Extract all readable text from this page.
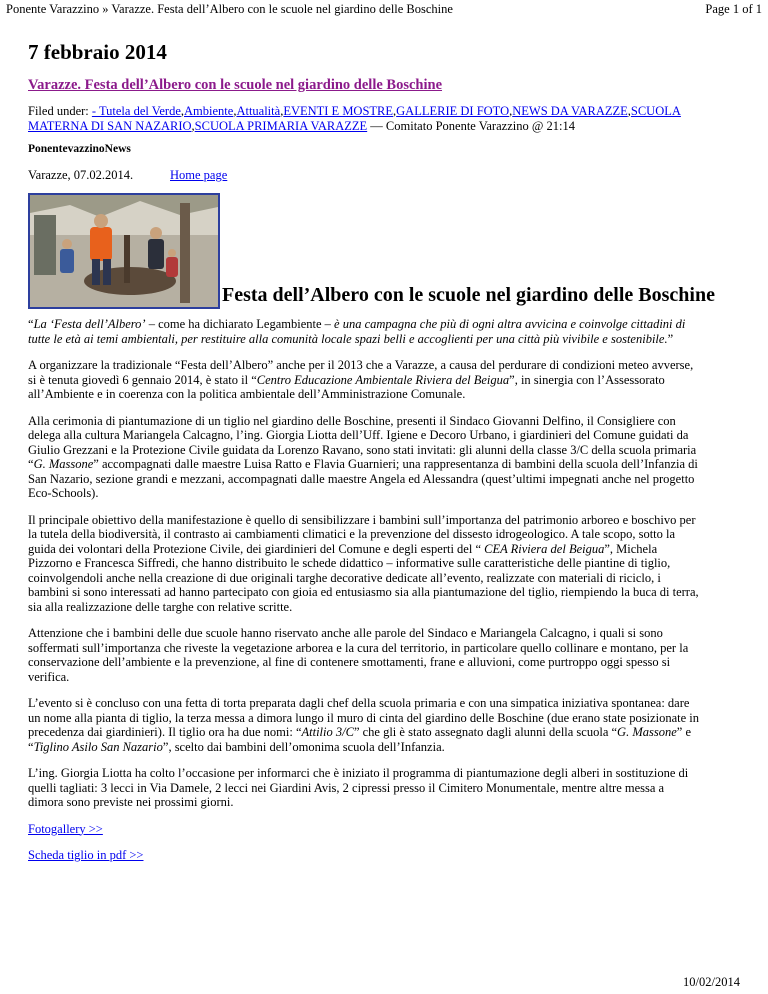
Ponente Varazzino » Varazze. Festa dell’Albero con le scuole nel giardino delle Boschine	Page 1 of 1
7 febbraio 2014
Varazze. Festa dell’Albero con le scuole nel giardino delle Boschine
Filed under: - Tutela del Verde,Ambiente,Attualità,EVENTI E MOSTRE,GALLERIE DI FOTO,NEWS DA VARAZZE,SCUOLA MATERNA DI SAN NAZARIO,SCUOLA PRIMARIA VARAZZE — Comitato Ponente Varazzino @ 21:14
PonentevazzinoNews
Varazze, 07.02.2014.	Home page
Festa dell’Albero con le scuole nel giardino delle Boschine

“La ‘Festa dell’Albero’ – come ha dichiarato Legambiente – è una campagna che più di ogni altra avvicina e coinvolge cittadini di tutte le età ai temi ambientali, per restituire alla comunità locale spazi belli e accoglienti per una città più vivibile e sostenibile.”

A organizzare la tradizionale “Festa dell’Albero” anche per il 2013 che a Varazze, a causa del perdurare di condizioni meteo avverse, si è tenuta giovedì 6 gennaio 2014, è stato il “Centro Educazione Ambientale Riviera del Beigua”, in sinergia con l’Assessorato all’Ambiente e in coerenza con la politica ambientale dell’Amministrazione Comunale.

Alla cerimonia di piantumazione di un tiglio nel giardino delle Boschine, presenti il Sindaco Giovanni Delfino, il Consigliere con delega alla cultura Mariangela Calcagno, l’ing. Giorgia Liotta dell’Uff. Igiene e Decoro Urbano, i giardinieri del Comune guidati da Giulio Grezzani e la Protezione Civile guidata da Lorenzo Ravano, sono stati invitati: gli alunni della classe 3/C della scuola primaria “G. Massone” accompagnati dalle maestre Luisa Ratto e Flavia Guarnieri; una rappresentanza di bambini della scuola dell’Infanzia di San Nazario, sezione grandi e mezzani, accompagnati dalle maestre Angela ed Alessandra (quest’ultimi impegnati anche nel progetto Eco-Schools).

Il principale obiettivo della manifestazione è quello di sensibilizzare i bambini sull’importanza del patrimonio arboreo e boschivo per la tutela della biodiversità, il contrasto ai cambiamenti climatici e la prevenzione del dissesto idrogeologico. A tale scopo, sotto la guida dei volontari della Protezione Civile, dei giardinieri del Comune e degli esperti del “ CEA Riviera del Beigua”, Michela Pizzorno e Francesca Siffredi, che hanno distribuito le schede didattico – informative sulle caratteristiche delle piantine di tiglio, coinvolgendoli anche nella creazione di due originali targhe decorative dedicate all’evento, realizzate con materiali di riciclo, i bambini si sono interessati ad hanno partecipato con gioia ed entusiasmo sia alla piantumazione del tiglio, riempiendo la buca di terra, sia alla realizzazione delle targhe con relative scritte.

Attenzione che i bambini delle due scuole hanno riservato anche alle parole del Sindaco e Mariangela Calcagno, i quali si sono soffermati sull’importanza che riveste la vegetazione arborea e la cura del territorio, in particolare quello collinare e montano, per la conservazione dell’ambiente e la prevenzione, al fine di contenere smottamenti, frane e alluvioni, come purtroppo oggi spesso si verifica.

L’evento si è concluso con una fetta di torta preparata dagli chef della scuola primaria e con una simpatica iniziativa spontanea: dare un nome alla pianta di tiglio, la terza messa a dimora lungo il muro di cinta del giardino delle Boschine (due erano state posizionate in precedenza dai giardinieri). Il tiglio ora ha due nomi: “Attilio 3/C” che gli è stato assegnato dagli alunni della scuola “G. Massone” e “Tiglino Asilo San Nazario”, scelto dai bambini dell’omonima scuola dell’Infanzia.

L’ing. Giorgia Liotta ha colto l’occasione per informarci che è iniziato il programma di piantumazione degli alberi in sostituzione di quelli tagliati: 3 lecci in Via Damele, 2 lecci nei Giardini Avis, 2 cipressi presso il Cimitero Monumentale, mentre altre messa a dimora sono previste nei prossimi giorni.

Fotogallery >>

Scheda tiglio in pdf >>

10/02/2014
